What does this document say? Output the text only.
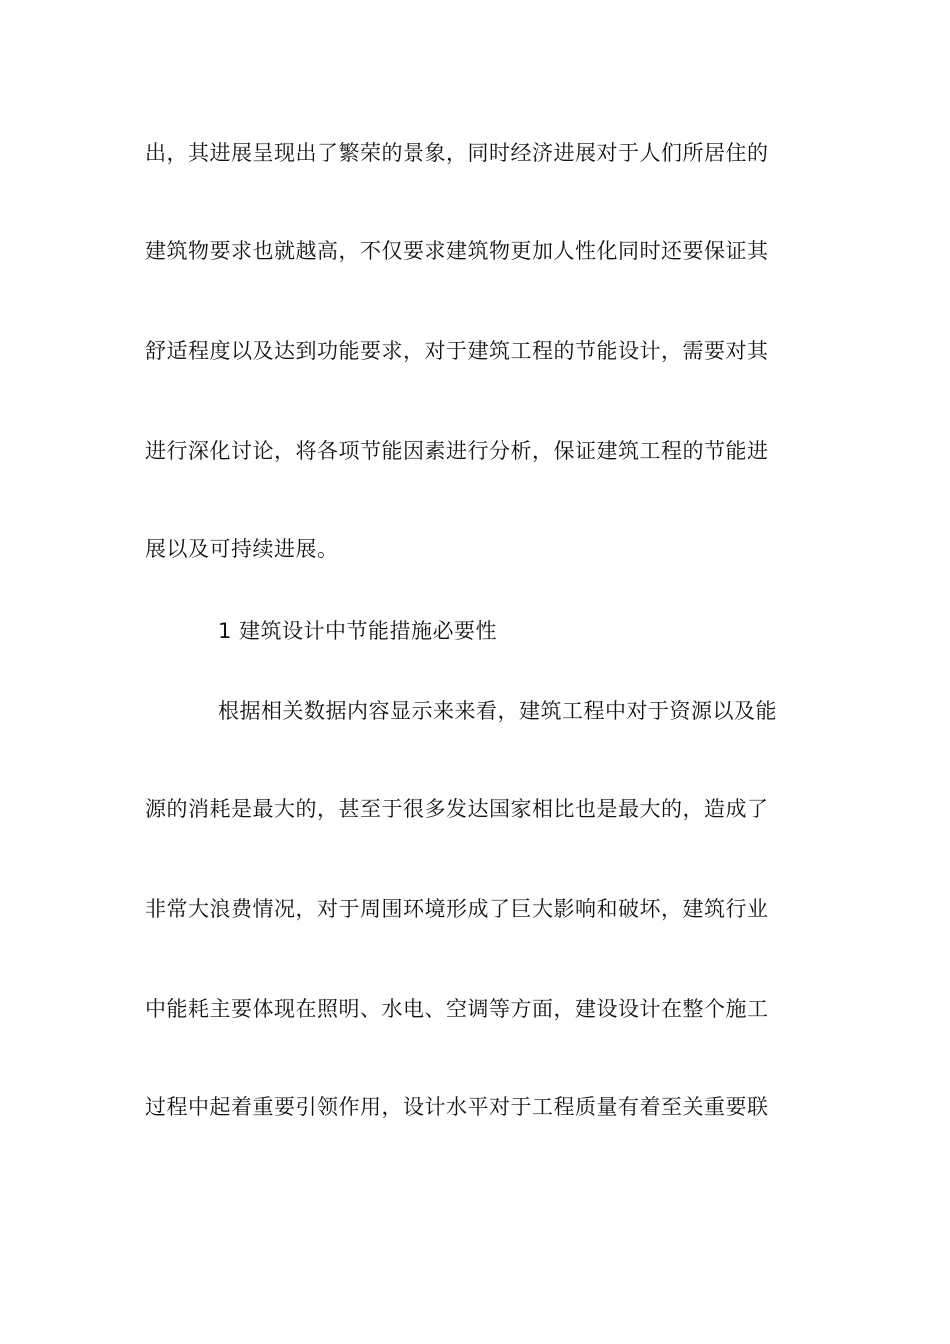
出，其进展呈现出了繁荣的景象，同时经济进展对于人们所居住的
建筑物要求也就越高，不仅要求建筑物更加人性化同时还要保证其
舒适程度以及达到功能要求，对于建筑工程的节能设计，需要对其
进行深化讨论，将各项节能因素进行分析，保证建筑工程的节能进
展以及可持续进展。
1 建筑设计中节能措施必要性
根据相关数据内容显示来来看，建筑工程中对于资源以及能
源的消耗是最大的，甚至于很多发达国家相比也是最大的，造成了
非常大浪费情况，对于周围环境形成了巨大影响和破坏，建筑行业
中能耗主要体现在照明、水电、空调等方面，建设设计在整个施工
过程中起着重要引领作用，设计水平对于工程质量有着至关重要联
